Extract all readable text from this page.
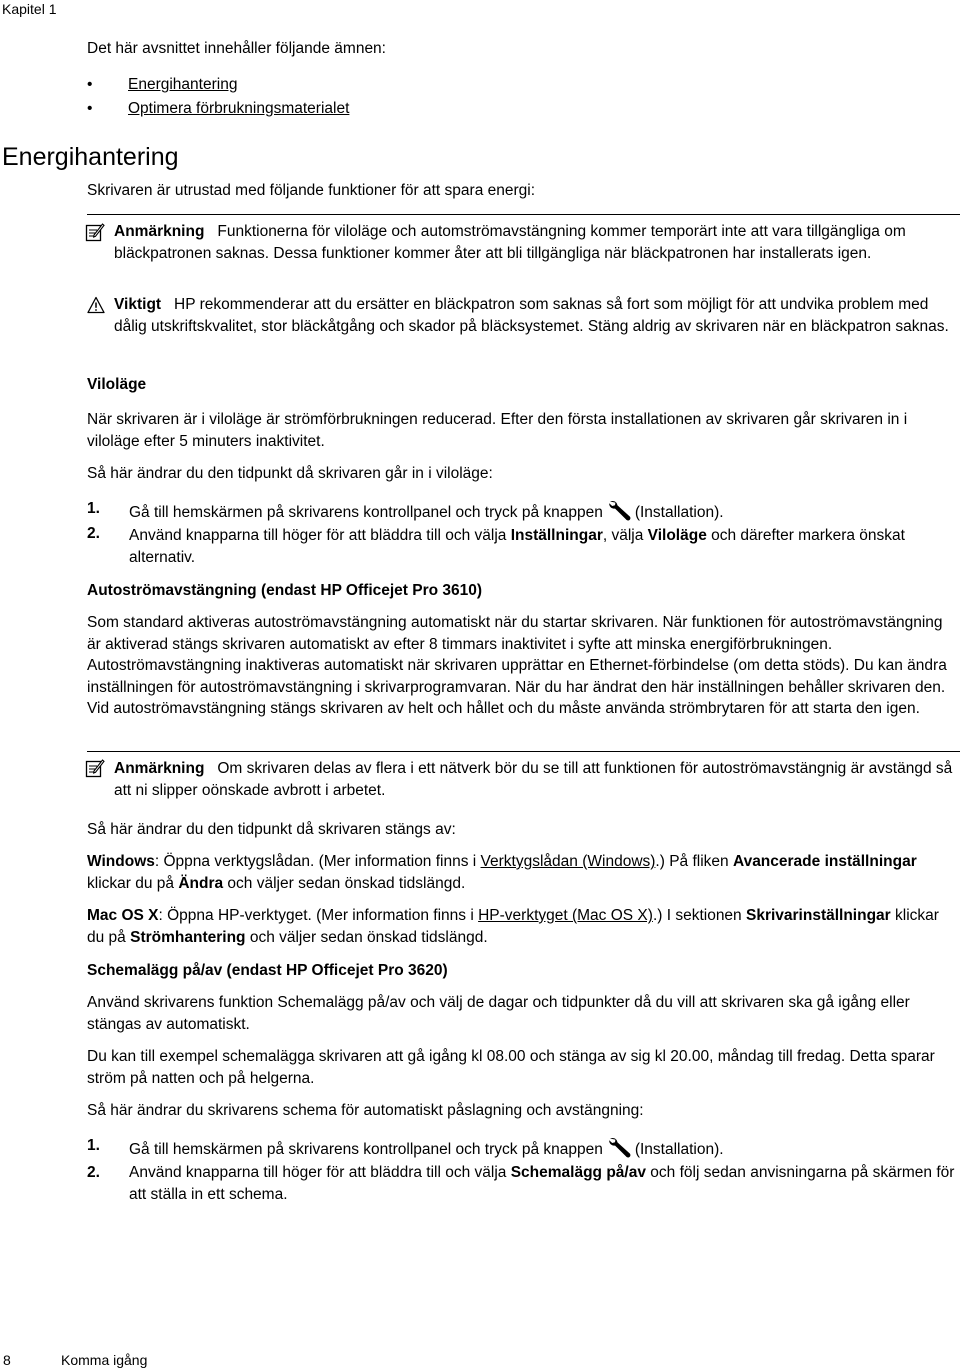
Kapitel 1
Det här avsnittet innehåller följande ämnen:
• Energihantering
• Optimera förbrukningsmaterialet
Energihantering
Skrivaren är utrustad med följande funktioner för att spara energi:
Anmärkning Funktionerna för viloläge och automströmavstängning kommer temporärt inte att vara tillgängliga om bläckpatronen saknas. Dessa funktioner kommer åter att bli tillgängliga när bläckpatronen har installerats igen.
Viktigt HP rekommenderar att du ersätter en bläckpatron som saknas så fort som möjligt för att undvika problem med dålig utskriftskvalitet, stor bläckåtgång och skador på bläcksystemet. Stäng aldrig av skrivaren när en bläckpatron saknas.
Viloläge
När skrivaren är i viloläge är strömförbrukningen reducerad. Efter den första installationen av skrivaren går skrivaren in i viloläge efter 5 minuters inaktivitet.
Så här ändrar du den tidpunkt då skrivaren går in i viloläge:
1. Gå till hemskärmen på skrivarens kontrollpanel och tryck på knappen (Installation).
2. Använd knapparna till höger för att bläddra till och välja Inställningar, välja Viloläge och därefter markera önskat alternativ.
Autoströmavstängning (endast HP Officejet Pro 3610)
Som standard aktiveras autoströmavstängning automatiskt när du startar skrivaren. När funktionen för autoströmavstängning är aktiverad stängs skrivaren automatiskt av efter 8 timmars inaktivitet i syfte att minska energiförbrukningen. Autoströmavstängning inaktiveras automatiskt när skrivaren upprättar en Ethernet-förbindelse (om detta stöds). Du kan ändra inställningen för autoströmavstängning i skrivarprogramvaran. När du har ändrat den här inställningen behåller skrivaren den. Vid autoströmavstängning stängs skrivaren av helt och hållet och du måste använda strömbrytaren för att starta den igen.
Anmärkning Om skrivaren delas av flera i ett nätverk bör du se till att funktionen för autoströmavstängnig är avstängd så att ni slipper oönskade avbrott i arbetet.
Så här ändrar du den tidpunkt då skrivaren stängs av:
Windows: Öppna verktygslådan. (Mer information finns i Verktygslådan (Windows).) På fliken Avancerade inställningar klickar du på Ändra och väljer sedan önskad tidslängd.
Mac OS X: Öppna HP-verktyget. (Mer information finns i HP-verktyget (Mac OS X).) I sektionen Skrivarinställningar klickar du på Strömhantering och väljer sedan önskad tidslängd.
Schemalägg på/av (endast HP Officejet Pro 3620)
Använd skrivarens funktion Schemalägg på/av och välj de dagar och tidpunkter då du vill att skrivaren ska gå igång eller stängas av automatiskt.
Du kan till exempel schemalägga skrivaren att gå igång kl 08.00 och stänga av sig kl 20.00, måndag till fredag. Detta sparar ström på natten och på helgerna.
Så här ändrar du skrivarens schema för automatiskt påslagning och avstängning:
1. Gå till hemskärmen på skrivarens kontrollpanel och tryck på knappen (Installation).
2. Använd knapparna till höger för att bläddra till och välja Schemalägg på/av och följ sedan anvisningarna på skärmen för att ställa in ett schema.
8	Komma igång
